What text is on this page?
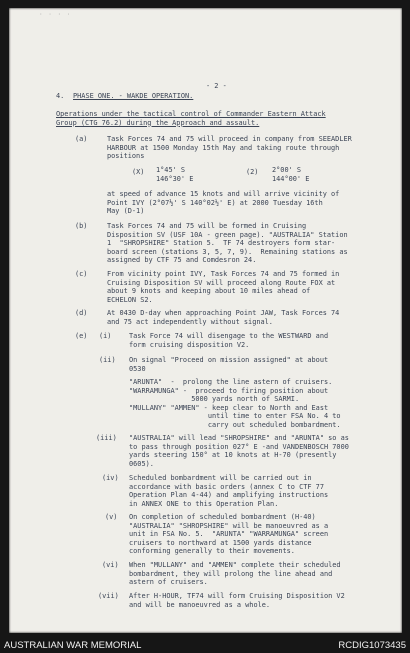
· · · ·
- 2 -
4. PHASE ONE. - WAKDE OPERATION.
Operations under the tactical control of Commander Eastern Attack
Group (CTG 76.2) during the Approach and assault.
(a)	Task Forces 74 and 75 will proceed in company from SEEADLER
HARBOUR at 1500 Monday 15th May and taking route through
positions
(X) 1°45' S
146°30' E
(2) 2°00' S
144°00' E
at speed of advance 15 knots and will arrive vicinity of
Point IVY (2°07½' S 140°02½' E) at 2000 Tuesday 16th
May (D-1)
(b)	Task Forces 74 and 75 will be formed in Cruising
Disposition SV (USF 10A - green page). "AUSTRALIA" Station
1  "SHROPSHIRE" Station 5.  TF 74 destroyers form star-
board screen (stations 3, 5, 7, 9).  Remaining stations as
assigned by CTF 75 and Comdesron 24.
(c)	From vicinity point IVY, Task Forces 74 and 75 formed in
Cruising Disposition SV will proceed along Route FOX at
about 9 knots and keeping about 10 miles ahead of
ECHELON S2.
(d)	At 0430 D-day when approaching Point JAW, Task Forces 74
and 75 act independently without signal.
(e) (i)	Task Force 74 will disengage to the WESTWARD and
form cruising disposition V2.
(ii) On signal "Proceed on mission assigned" at about
0530
"ARUNTA"  -  prolong the line astern of cruisers.
"WARRAMUNGA" -  proceed to firing position about
5000 yards north of SARMI.
"MULLANY" "AMMEN" - keep clear to North and East
until time to enter FSA No. 4 to
carry out scheduled bombardment.
(iii) "AUSTRALIA" will lead "SHROPSHIRE" and "ARUNTA" so as
to pass through position 027° E -and VANDENBOSCH 7000
yards steering 150° at 10 knots at H-70 (presently
0605).
(iv) Scheduled bombardment will be carried out in
accordance with basic orders (annex C to CTF 77
Operation Plan 4-44) and amplifying instructions
in ANNEX ONE to this Operation Plan.
(v) On completion of scheduled bombardment (H-40)
"AUSTRALIA" "SHROPSHIRE" will be manoeuvred as a
unit in FSA No. 5.  "ARUNTA" "WARRAMUNGA" screen
cruisers to northward at 1500 yards distance
conforming generally to their movements.
(vi) When "MULLANY" and "AMMEN" complete their scheduled
bombardment, they will prolong the line ahead and
astern of cruisers.
(vii) After H-HOUR, TF74 will form Cruising Disposition V2
and will be manoeuvred as a whole.
AUSTRALIAN WAR MEMORIAL	RCDIG1073435
